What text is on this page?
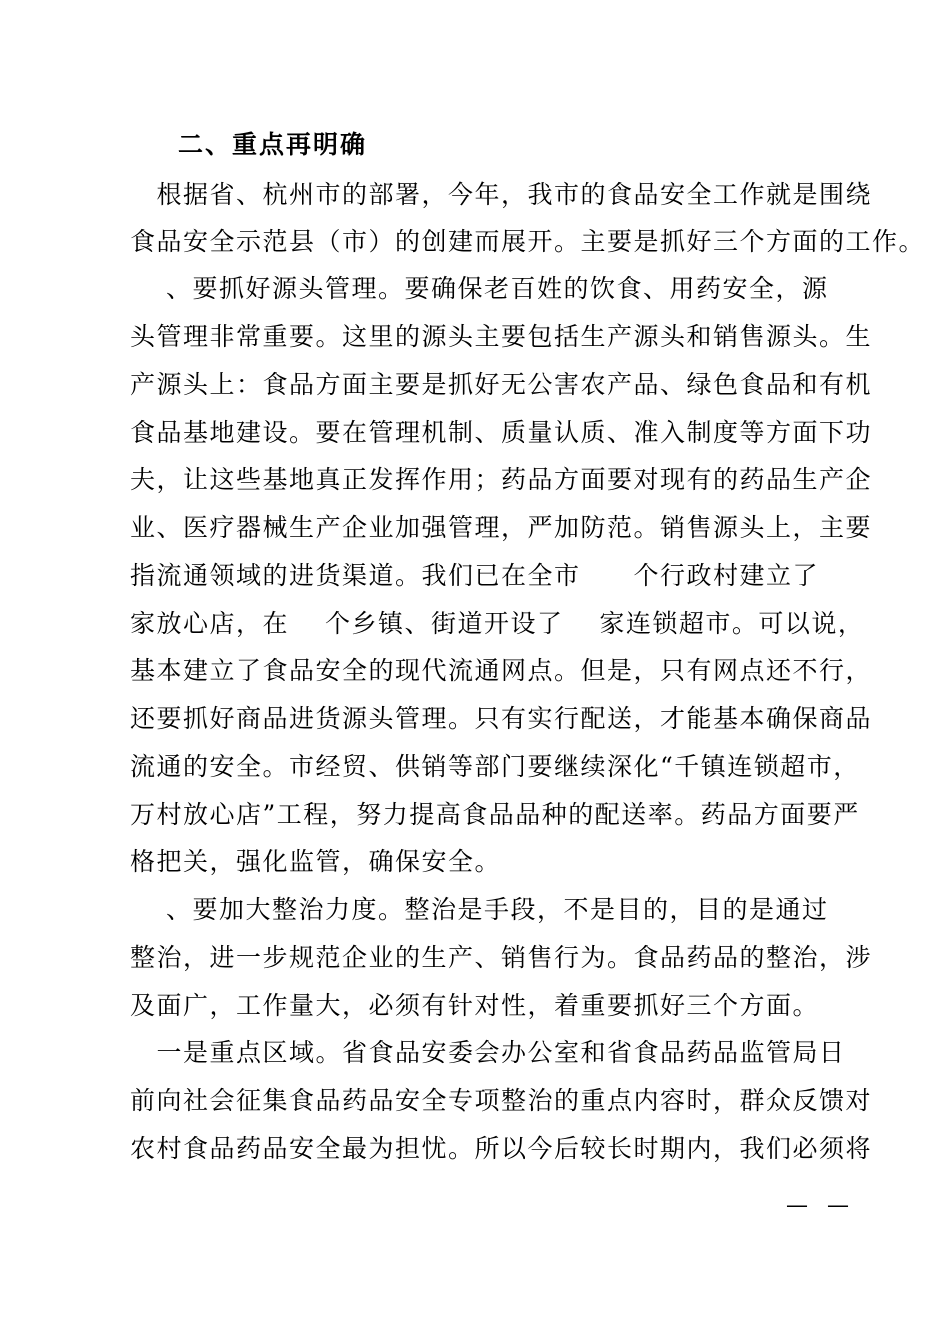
二、重点再明确
　根据省、杭州市的部署，今年，我市的食品安全工作就是围绕
食品安全示范县（市）的创建而展开。主要是抓好三个方面的工作。
　 、要抓好源头管理。要确保老百姓的饮食、用药安全，源
头管理非常重要。这里的源头主要包括生产源头和销售源头。生
产源头上：食品方面主要是抓好无公害农产品、绿色食品和有机
食品基地建设。要在管理机制、质量认质、准入制度等方面下功
夫，让这些基地真正发挥作用；药品方面要对现有的药品生产企
业、医疗器械生产企业加强管理，严加防范。销售源头上，主要
指流通领域的进货渠道。我们已在全市　　个行政村建立了
家放心店，在　 个乡镇、街道开设了　 家连锁超市。可以说，
基本建立了食品安全的现代流通网点。但是，只有网点还不行，
还要抓好商品进货源头管理。只有实行配送，才能基本确保商品
流通的安全。市经贸、供销等部门要继续深化“千镇连锁超市，
万村放心店”工程，努力提高食品品种的配送率。药品方面要严
格把关，强化监管，确保安全。
　 、要加大整治力度。整治是手段，不是目的，目的是通过
整治，进一步规范企业的生产、销售行为。食品药品的整治，涉
及面广，工作量大，必须有针对性，着重要抓好三个方面。
　一是重点区域。省食品安委会办公室和省食品药品监管局日
前向社会征集食品药品安全专项整治的重点内容时，群众反馈对
农村食品药品安全最为担忧。所以今后较长时期内，我们必须将
— —
